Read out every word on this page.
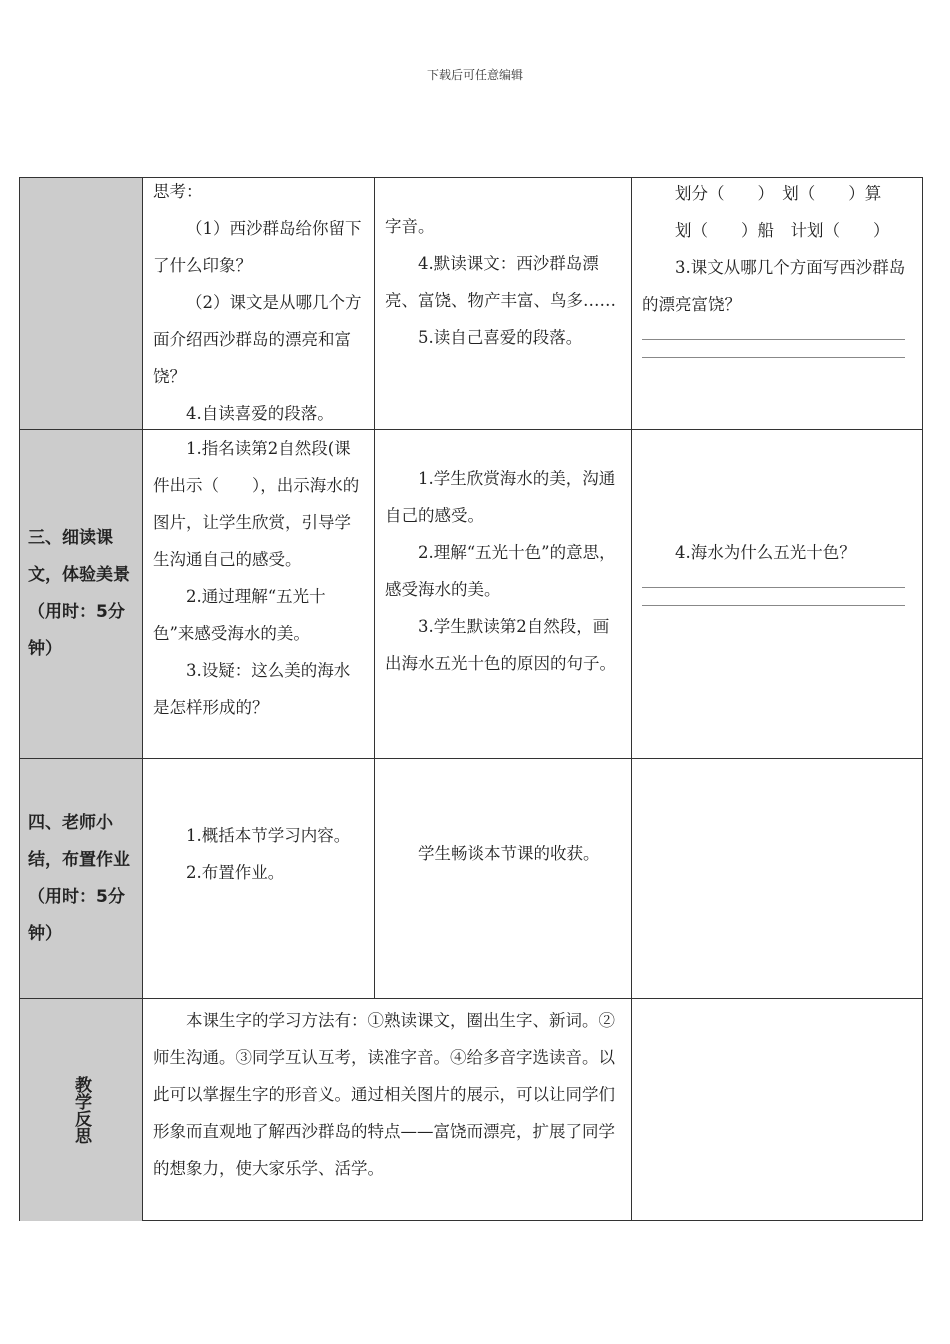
下载后可任意编辑

思考：

（1）西沙群岛给你留下了什么印象？

（2）课文是从哪几个方面介绍西沙群岛的漂亮和富饶？

4.自读喜爱的段落。

字音。

4.默读课文：西沙群岛漂亮、富饶、物产丰富、鸟多……

5.读自己喜爱的段落。

划分（　　）　划（　　）算

划（　　）船　计划（　　）

3.课文从哪几个方面写西沙群岛的漂亮富饶？

三、细读课文，体验美景（用时：5分钟）

1.指名读第2自然段(课件出示（　　），出示海水的图片，让学生欣赏，引导学生沟通自己的感受。

2.通过理解“五光十色”来感受海水的美。

3.设疑：这么美的海水是怎样形成的？

1.学生欣赏海水的美，沟通自己的感受。

2.理解“五光十色”的意思，感受海水的美。

3.学生默读第2自然段，画出海水五光十色的原因的句子。

4.海水为什么五光十色？

四、老师小结，布置作业（用时：5分钟）

1.概括本节学习内容。

2.布置作业。

学生畅谈本节课的收获。

教学反思

本课生字的学习方法有：①熟读课文，圈出生字、新词。②师生沟通。③同学互认互考，读准字音。④给多音字选读音。以此可以掌握生字的形音义。通过相关图片的展示，可以让同学们形象而直观地了解西沙群岛的特点——富饶而漂亮，扩展了同学的想象力，使大家乐学、活学。
